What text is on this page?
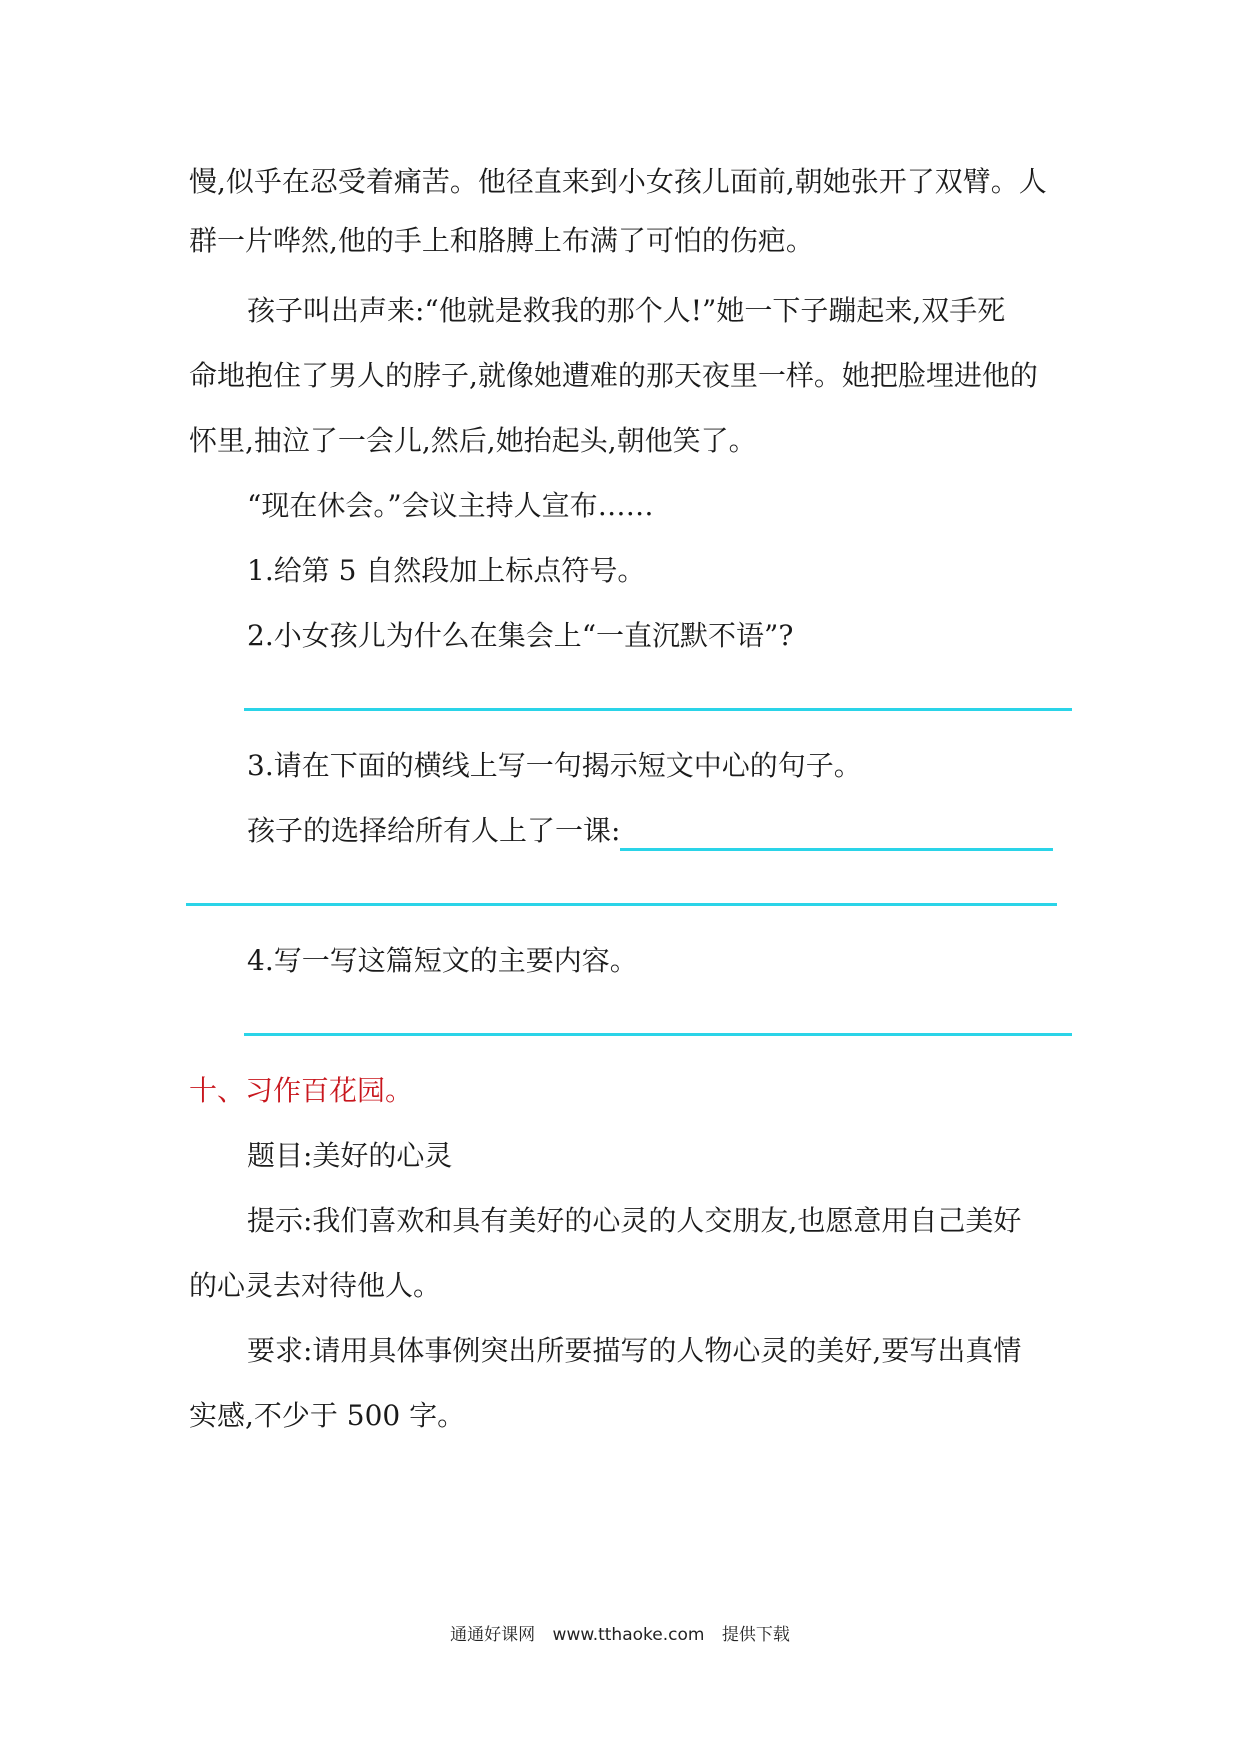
慢,似乎在忍受着痛苦。他径直来到小女孩儿面前,朝她张开了双臂。人
群一片哗然,他的手上和胳膊上布满了可怕的伤疤。
孩子叫出声来:“他就是救我的那个人!”她一下子蹦起来,双手死
命地抱住了男人的脖子,就像她遭难的那天夜里一样。她把脸埋进他的
怀里,抽泣了一会儿,然后,她抬起头,朝他笑了。
“现在休会。”会议主持人宣布……
1.给第 5 自然段加上标点符号。
2.小女孩儿为什么在集会上“一直沉默不语”?
3.请在下面的横线上写一句揭示短文中心的句子。
孩子的选择给所有人上了一课:
4.写一写这篇短文的主要内容。
十、习作百花园。
题目:美好的心灵
提示:我们喜欢和具有美好的心灵的人交朋友,也愿意用自己美好
的心灵去对待他人。
要求:请用具体事例突出所要描写的人物心灵的美好,要写出真情
实感,不少于 500 字。
通通好课网 www.tthaoke.com 提供下载
